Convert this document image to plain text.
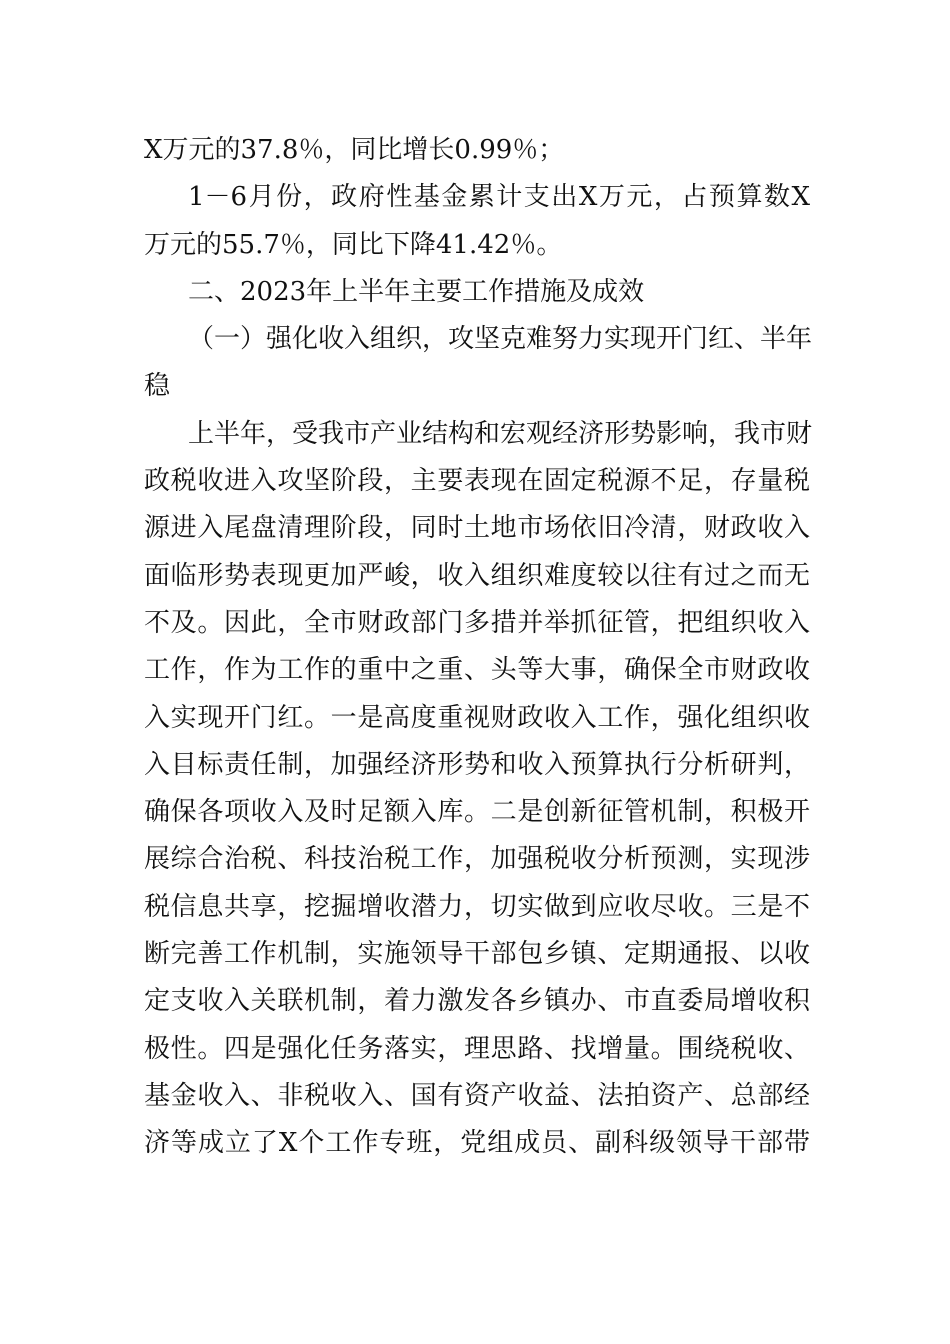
X万元的37.8％，同比增长0.99％；
1－6月份，政府性基金累计支出X万元，占预算数X
万元的55.7％，同比下降41.42％。
二、2023年上半年主要工作措施及成效
（一）强化收入组织，攻坚克难努力实现开门红、半年
稳
上半年，受我市产业结构和宏观经济形势影响，我市财
政税收进入攻坚阶段，主要表现在固定税源不足，存量税
源进入尾盘清理阶段，同时土地市场依旧冷清，财政收入
面临形势表现更加严峻，收入组织难度较以往有过之而无
不及。因此，全市财政部门多措并举抓征管，把组织收入
工作，作为工作的重中之重、头等大事，确保全市财政收
入实现开门红。一是高度重视财政收入工作，强化组织收
入目标责任制，加强经济形势和收入预算执行分析研判，
确保各项收入及时足额入库。二是创新征管机制，积极开
展综合治税、科技治税工作，加强税收分析预测，实现涉
税信息共享，挖掘增收潜力，切实做到应收尽收。三是不
断完善工作机制，实施领导干部包乡镇、定期通报、以收
定支收入关联机制，着力激发各乡镇办、市直委局增收积
极性。四是强化任务落实，理思路、找增量。围绕税收、
基金收入、非税收入、国有资产收益、法拍资产、总部经
济等成立了X个工作专班，党组成员、副科级领导干部带
